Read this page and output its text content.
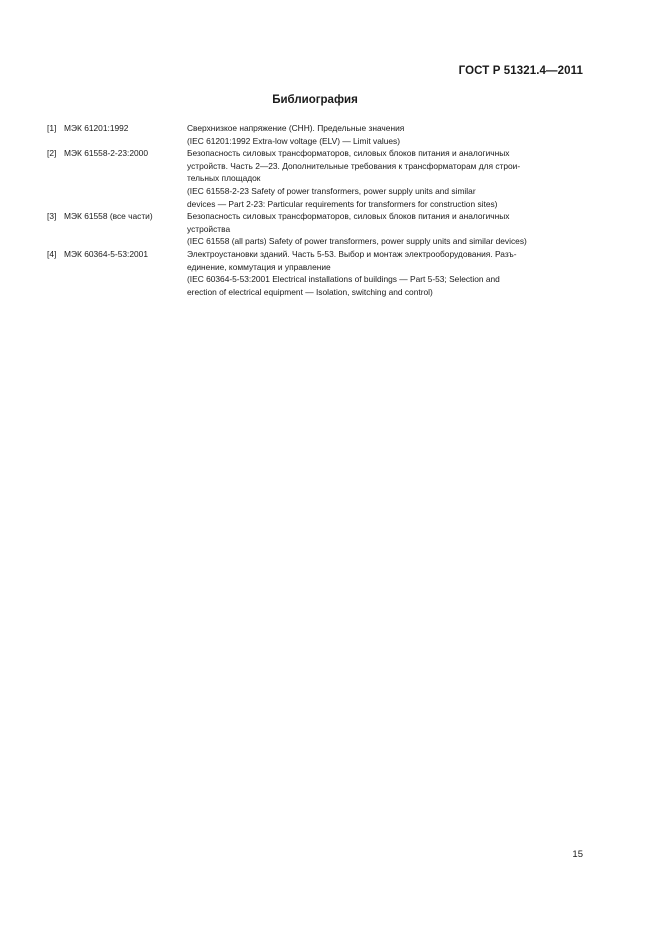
ГОСТ Р 51321.4—2011
Библиография
[1] МЭК 61201:1992	Сверхнизкое напряжение (СНН). Предельные значения
(IEC 61201:1992 Extra-low voltage (ELV) — Limit values)
[2] МЭК 61558-2-23:2000	Безопасность силовых трансформаторов, силовых блоков питания и аналогичных
устройств. Часть 2—23. Дополнительные требования к трансформаторам для строи-
тельных площадок
(IEC 61558-2-23 Safety of power transformers, power supply units and similar
devices — Part 2-23: Particular requirements for transformers for construction sites)
[3] МЭК 61558 (все части)	Безопасность силовых трансформаторов, силовых блоков питания и аналогичных
устройства
(IEC 61558 (all parts) Safety of power transformers, power supply units and similar devices)
[4] МЭК 60364-5-53:2001	Электроустановки зданий. Часть 5-53. Выбор и монтаж электрооборудования. Разъ-
единение, коммутация и управление
(IEC 60364-5-53:2001 Electrical installations of buildings — Part 5-53; Selection and
erection of electrical equipment — Isolation, switching and control)
15
